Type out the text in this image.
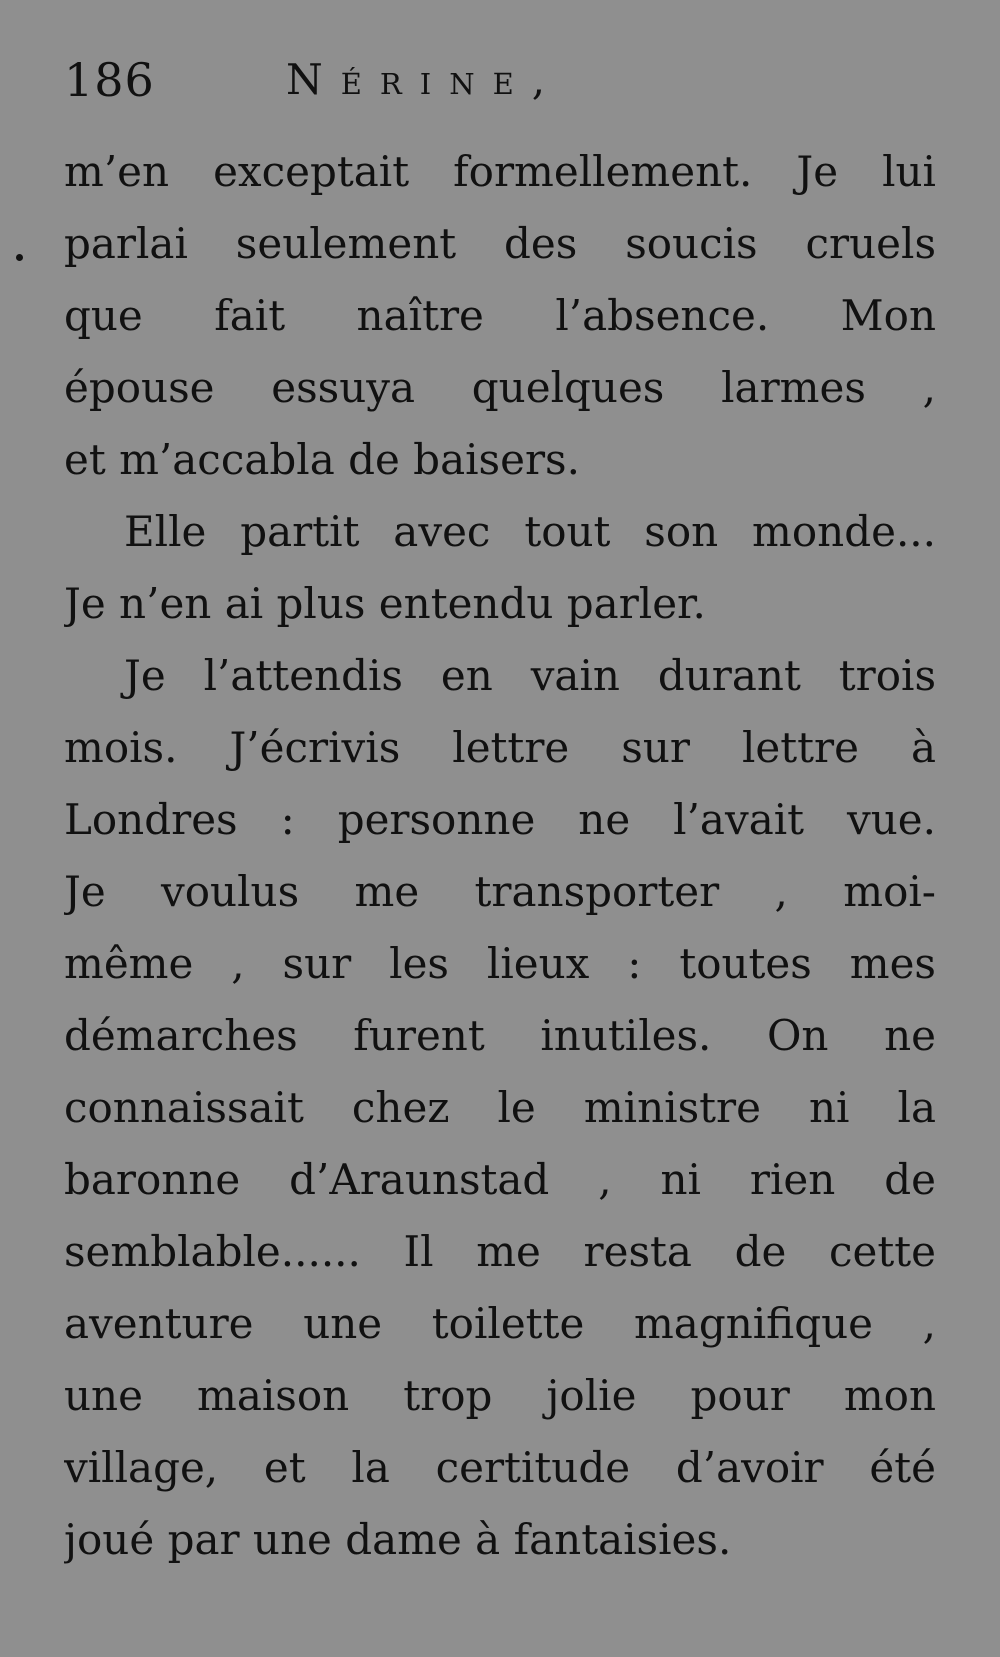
186	Nérine,
m’en exceptait formellement. Je lui
parlai seulement des soucis cruels
que fait naître l’absence. Mon
épouse essuya quelques larmes ,
et m’accabla de baisers.
Elle partit avec tout son monde...
Je n’en ai plus entendu parler.
Je l’attendis en vain durant trois
mois. J’écrivis lettre sur lettre à
Londres : personne ne l’avait vue.
Je voulus me transporter , moi-
même , sur les lieux : toutes mes
démarches furent inutiles. On ne
connaissait chez le ministre ni la
baronne d’Araunstad , ni rien de
semblable...... Il me resta de cette
aventure une toilette magnifique ,
une maison trop jolie pour mon
village, et la certitude d’avoir été
joué par une dame à fantaisies.
